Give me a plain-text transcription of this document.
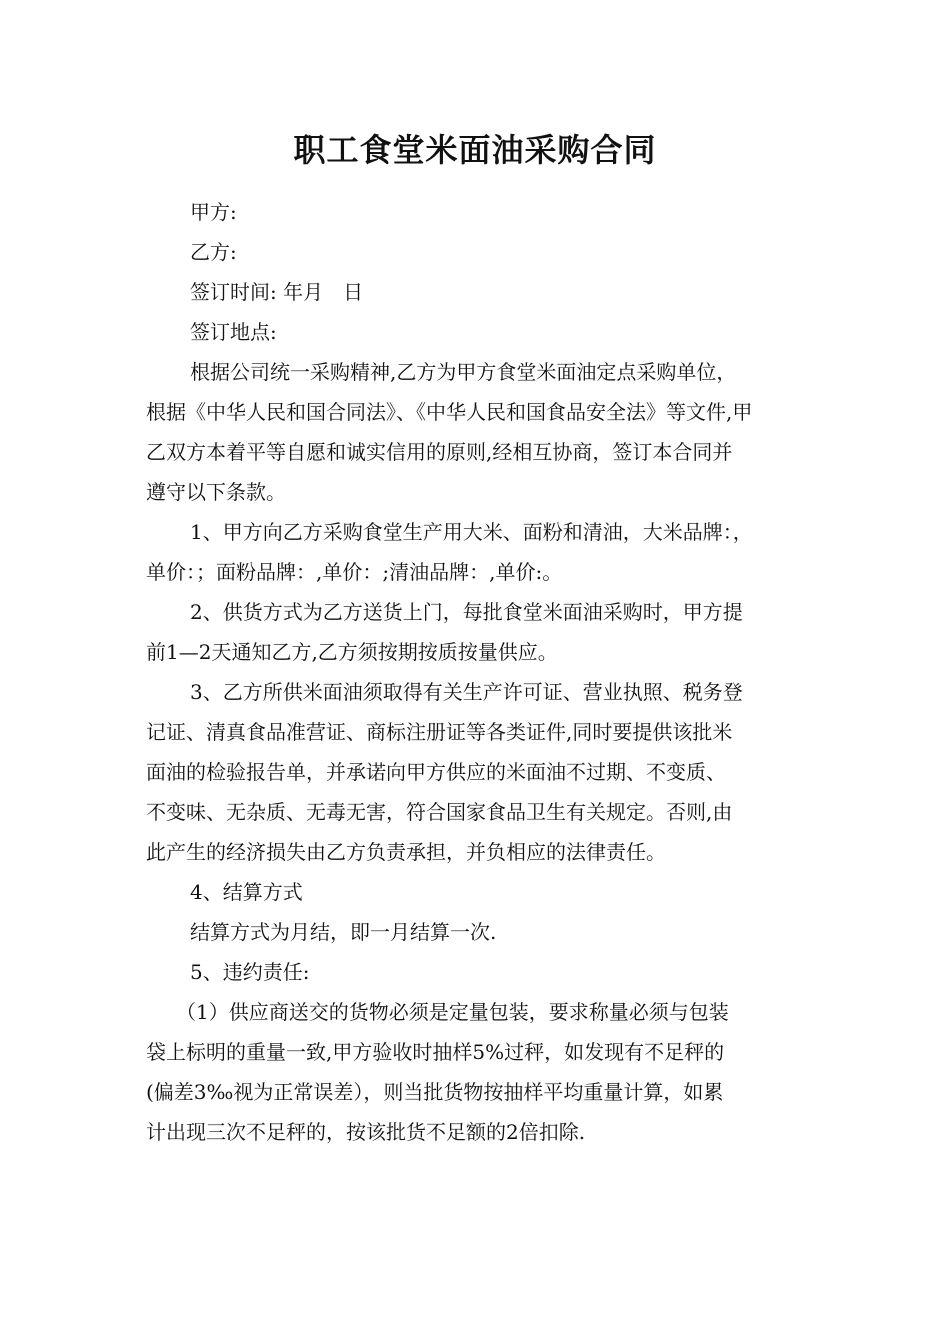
职工食堂米面油采购合同

甲方:

乙方:

签订时间: 年月　日

签订地点:

根据公司统一采购精神,乙方为甲方食堂米面油定点采购单位，

根据《中华人民和国合同法》、《中华人民和国食品安全法》等文件,甲

乙双方本着平等自愿和诚实信用的原则,经相互协商，签订本合同并

遵守以下条款。

1、甲方向乙方采购食堂生产用大米、面粉和清油，大米品牌：，

单价：；面粉品牌：,单价：;清油品牌：,单价:。

2、供货方式为乙方送货上门，每批食堂米面油采购时，甲方提

前1—2天通知乙方,乙方须按期按质按量供应。

3、乙方所供米面油须取得有关生产许可证、营业执照、税务登

记证、清真食品准营证、商标注册证等各类证件,同时要提供该批米

面油的检验报告单，并承诺向甲方供应的米面油不过期、不变质、

不变味、无杂质、无毒无害，符合国家食品卫生有关规定。否则,由

此产生的经济损失由乙方负责承担，并负相应的法律责任。

4、结算方式

结算方式为月结，即一月结算一次.

5、违约责任:

（1）供应商送交的货物必须是定量包装，要求称量必须与包装

袋上标明的重量一致,甲方验收时抽样5%过秤，如发现有不足秤的

(偏差3‰视为正常误差），则当批货物按抽样平均重量计算，如累

计出现三次不足秤的，按该批货不足额的2倍扣除.
